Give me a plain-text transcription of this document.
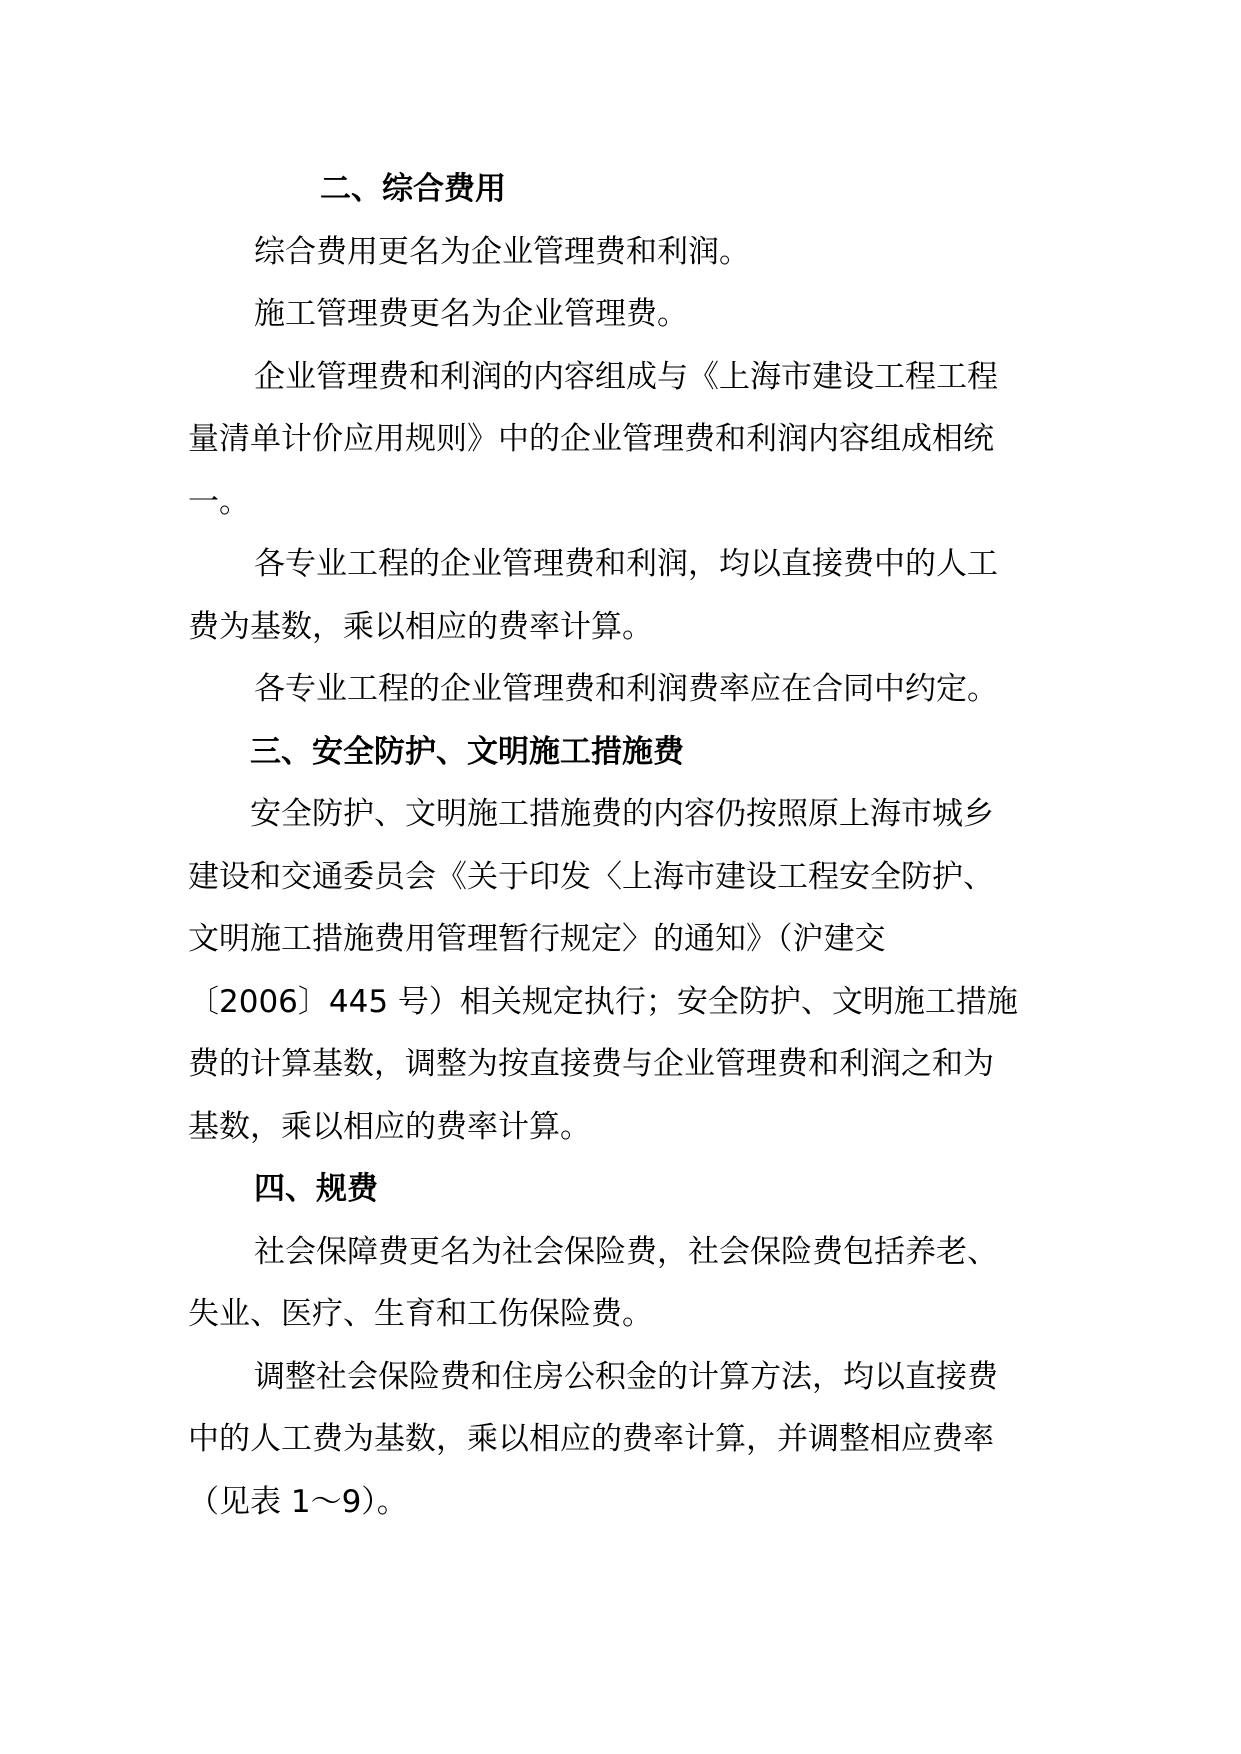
二、综合费用

综合费用更名为企业管理费和利润。

施工管理费更名为企业管理费。

企业管理费和利润的内容组成与《上海市建设工程工程
量清单计价应用规则》中的企业管理费和利润内容组成相统
一。

各专业工程的企业管理费和利润，均以直接费中的人工
费为基数，乘以相应的费率计算。

各专业工程的企业管理费和利润费率应在合同中约定。

三、安全防护、文明施工措施费

安全防护、文明施工措施费的内容仍按照原上海市城乡
建设和交通委员会《关于印发〈上海市建设工程安全防护、
文明施工措施费用管理暂行规定〉的通知》（沪建交
〔2006〕445 号）相关规定执行；安全防护、文明施工措施
费的计算基数，调整为按直接费与企业管理费和利润之和为
基数，乘以相应的费率计算。

四、规费

社会保障费更名为社会保险费，社会保险费包括养老、
失业、医疗、生育和工伤保险费。

调整社会保险费和住房公积金的计算方法，均以直接费
中的人工费为基数，乘以相应的费率计算，并调整相应费率
（见表 1～9）。
